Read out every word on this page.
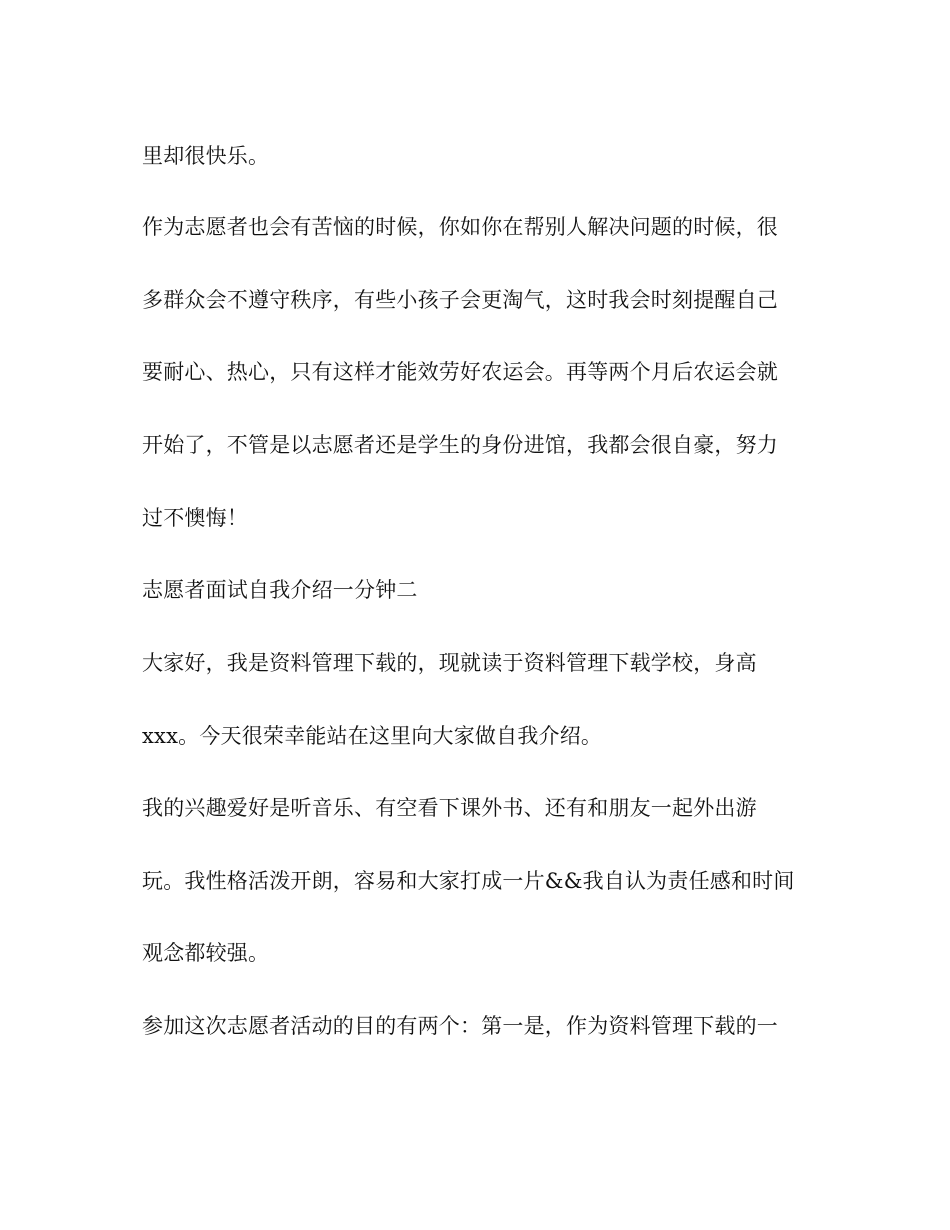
里却很快乐。
作为志愿者也会有苦恼的时候，你如你在帮别人解决问题的时候，很
多群众会不遵守秩序，有些小孩子会更淘气，这时我会时刻提醒自己
要耐心、热心，只有这样才能效劳好农运会。再等两个月后农运会就
开始了，不管是以志愿者还是学生的身份进馆，我都会很自豪，努力
过不懊悔！
志愿者面试自我介绍一分钟二
大家好，我是资料管理下载的，现就读于资料管理下载学校，身高
xxx。今天很荣幸能站在这里向大家做自我介绍。
我的兴趣爱好是听音乐、有空看下课外书、还有和朋友一起外出游
玩。我性格活泼开朗，容易和大家打成一片&&我自认为责任感和时间
观念都较强。
参加这次志愿者活动的目的有两个：第一是，作为资料管理下载的一
